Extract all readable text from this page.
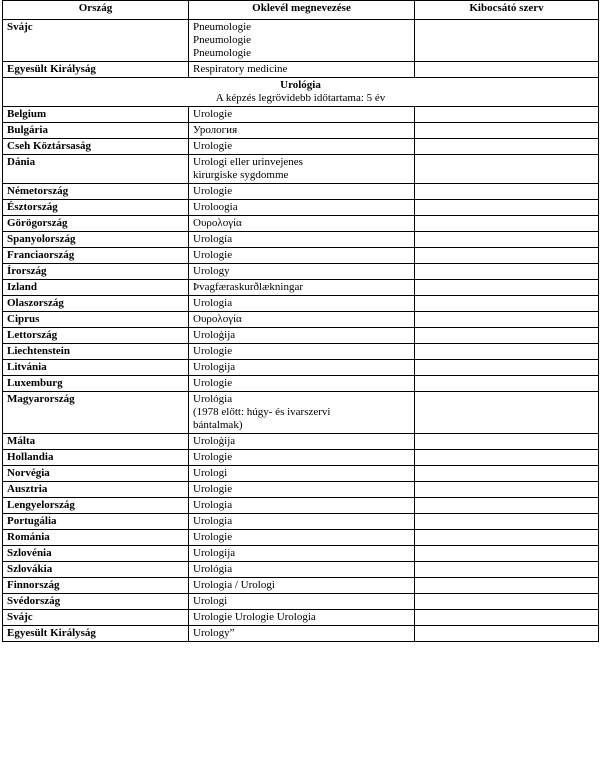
Ország	Oklevél megnevezése	Kibocsátó szerv
Svájc	Pneumologie
Pneumologie
Pneumologie	

Egyesült Királyság	Respiratory medicine	

Urológia
A képzés legrövidebb időtartama: 5 év		
Belgium	Urologie	

Bulgária	Урология	

Cseh Köztársaság	Urologie	

Dánia	Urologi eller urinvejenes
kirurgiske sygdomme	

Németország	Urologie	

Észtország	Uroloogia	

Görögország	Ουρολογία	

Spanyolország	Urología	

Franciaország	Urologie	

Írország	Urology	

Izland	Þvagfæraskurðlækningar	

Olaszország	Urologia	

Ciprus	Ουρολογία	

Lettország	Uroloģija	

Liechtenstein	Urologie	

Litvánia	Urologija	

Luxemburg	Urologie	

Magyarország	Urológia
(1978 előtt: húgy- és ivarszervi
bántalmak)	

Málta	Uroloġija	

Hollandia	Urologie	

Norvégia	Urologi	

Ausztria	Urologie	

Lengyelország	Urologia	

Portugália	Urologia	

Románia	Urologie	

Szlovénia	Urologija	

Szlovákia	Urológia	

Finnország	Urologia / Urologi	

Svédország	Urologi	

Svájc	Urologie Urologie Urologia	

Egyesült Királyság	Urology”	
